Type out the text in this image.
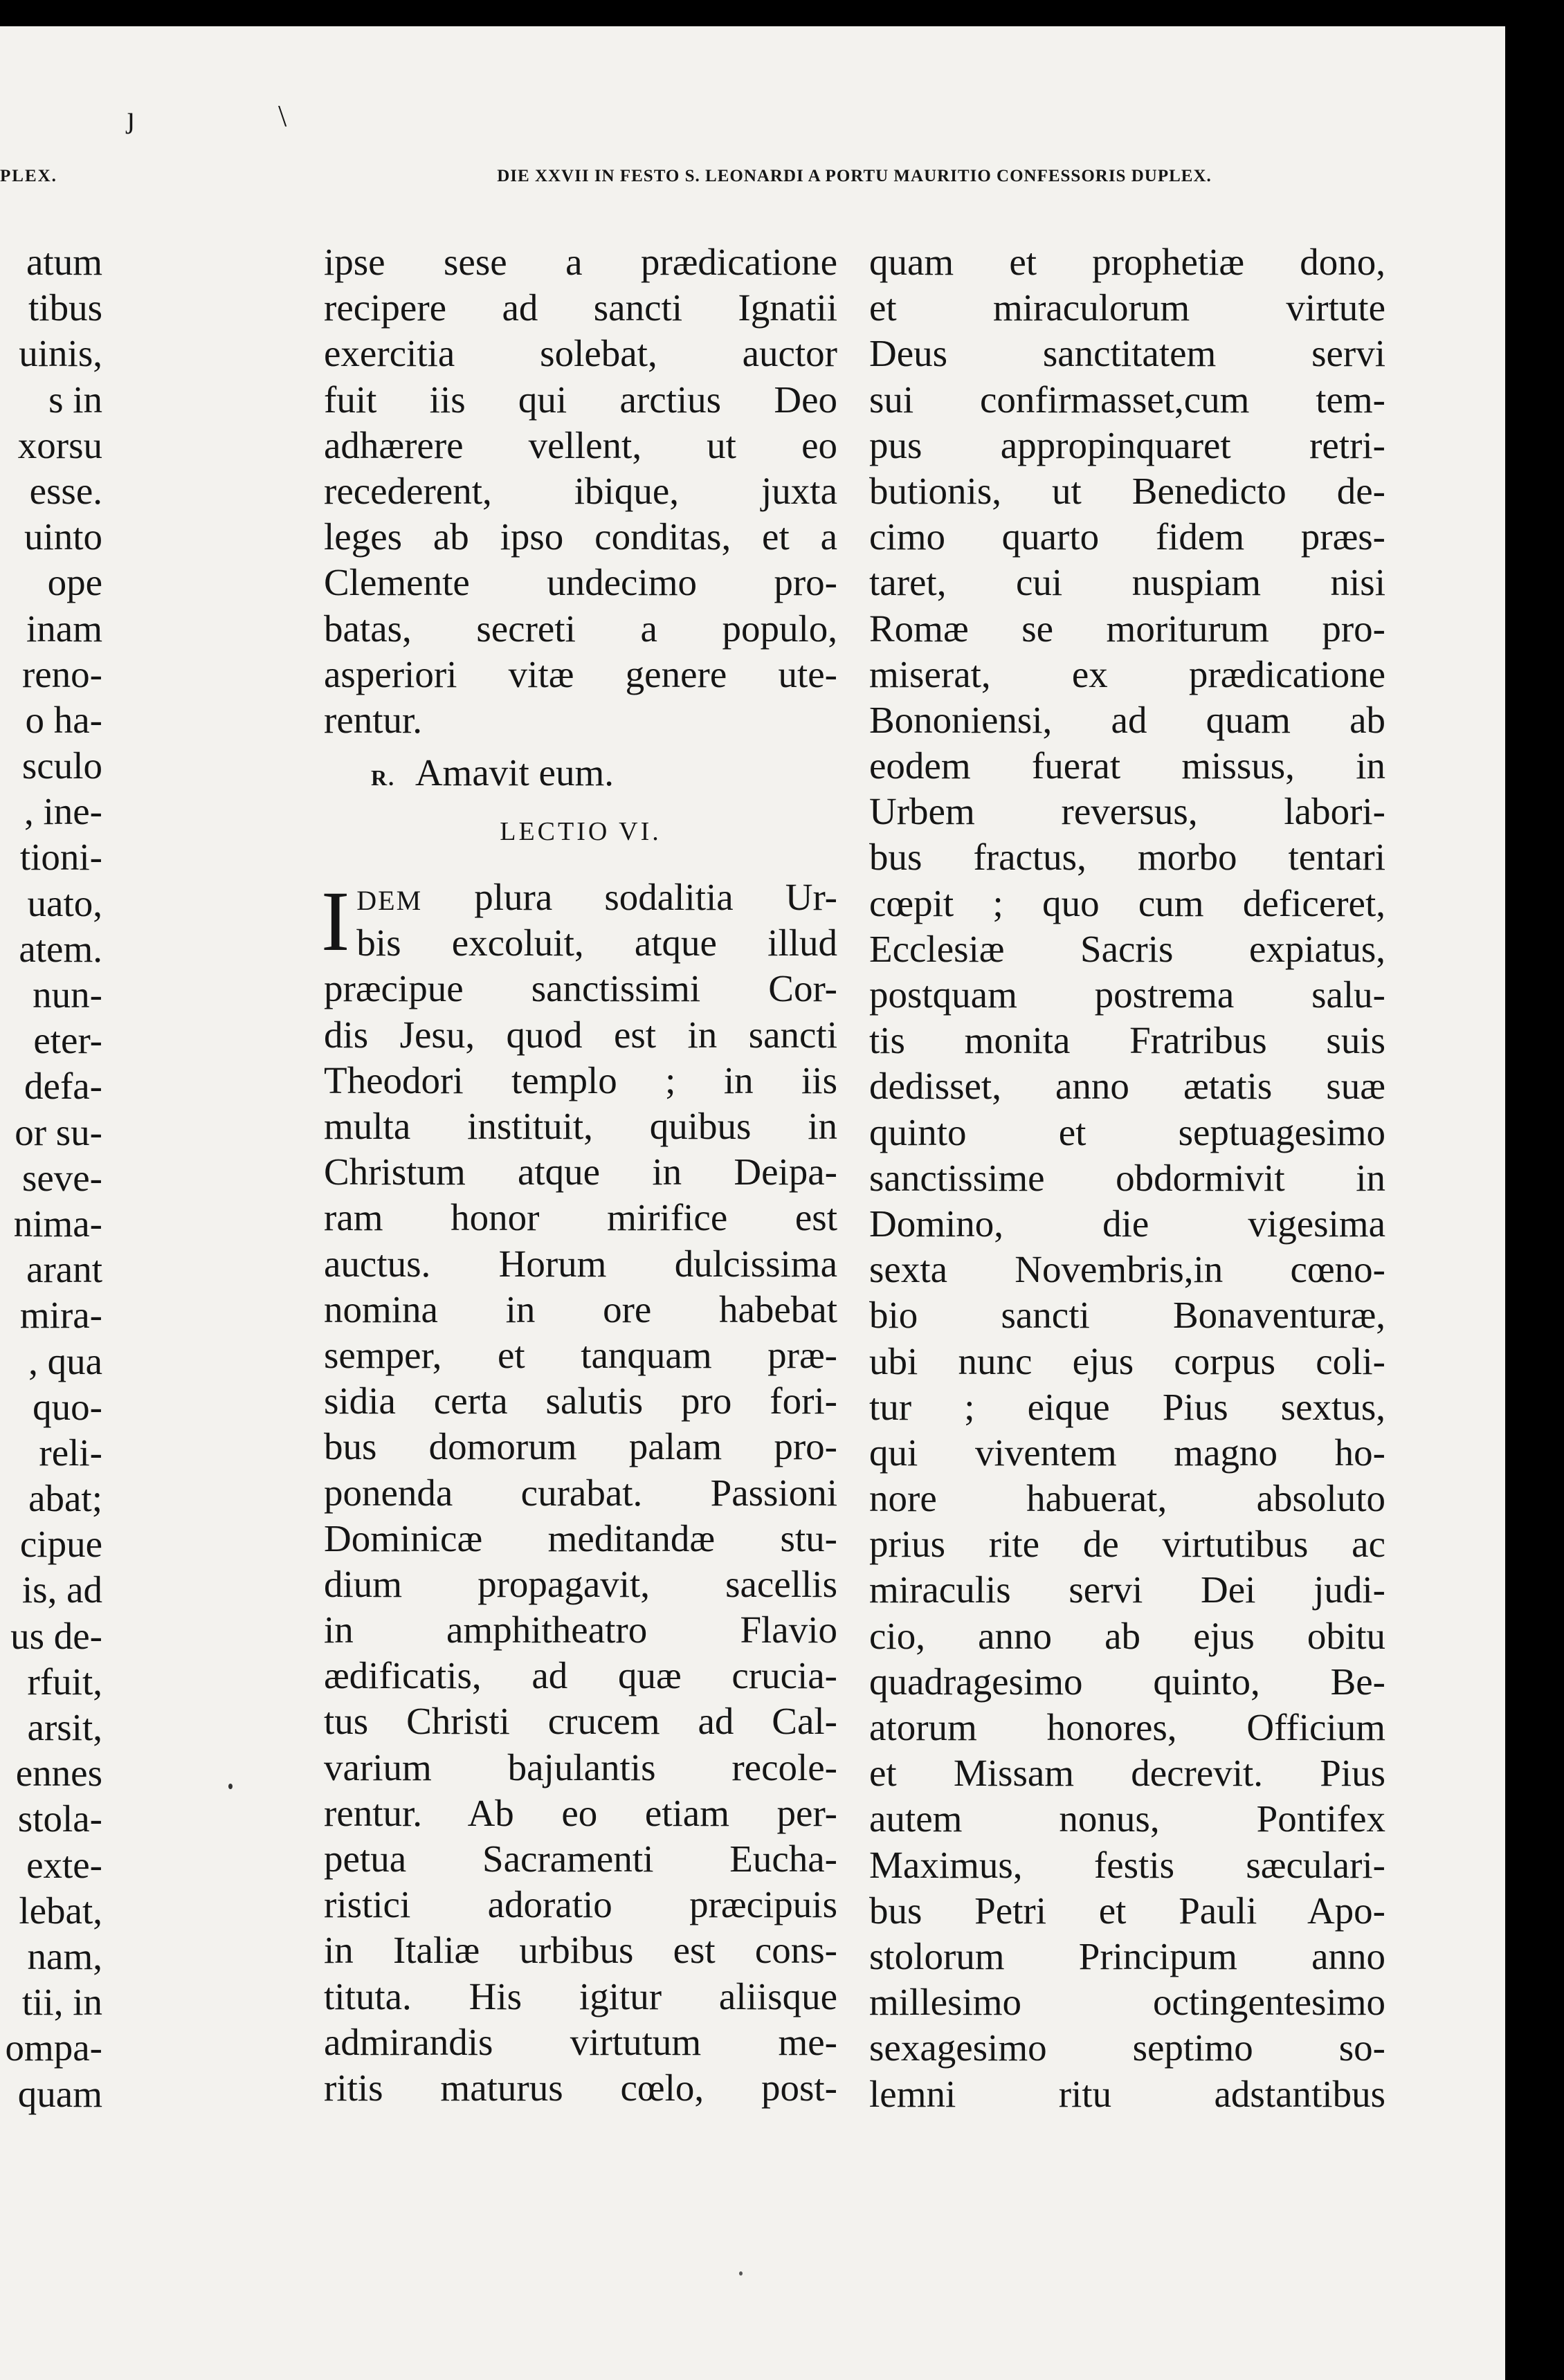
ȷ	\
PLEX.	DIE XXVII IN FESTO S. LEONARDI A PORTU MAURITIO CONFESSORIS DUPLEX.
atum
tibus
uinis,
s in
xorsu
esse.
uinto
ope
inam
reno-
o ha-
sculo
, ine-
tioni-
uato,
atem.
nun-
eter-
defa-
or su-
seve-
nima-
arant
mira-
, qua
quo-
reli-
abat;
cipue
is, ad
us de-
rfuit,
arsit,
ennes
stola-
exte-
lebat,
nam,
tii, in
ompa-
quam
ipse sese a prædicatione
recipere ad sancti Ignatii
exercitia solebat, auctor
fuit iis qui arctius Deo
adhærere vellent, ut eo
recederent, ibique, juxta
leges ab ipso conditas, et a
Clemente undecimo pro-
batas, secreti a populo,
asperiori vitæ genere ute-
rentur.
R. Amavit eum.
LECTIO VI.
I DEM plura sodalitia Ur-
bis excoluit, atque illud
præcipue sanctissimi Cor-
dis Jesu, quod est in sancti
Theodori templo ; in iis
multa instituit, quibus in
Christum atque in Deipa-
ram honor mirifice est
auctus. Horum dulcissima
nomina in ore habebat
semper, et tanquam præ-
sidia certa salutis pro fori-
bus domorum palam pro-
ponenda curabat. Passioni
Dominicæ meditandæ stu-
dium propagavit, sacellis
in amphitheatro Flavio
ædificatis, ad quæ crucia-
tus Christi crucem ad Cal-
varium bajulantis recole-
rentur. Ab eo etiam per-
petua Sacramenti Eucha-
ristici adoratio præcipuis
in Italiæ urbibus est cons-
tituta. His igitur aliisque
admirandis virtutum me-
ritis maturus cœlo, post-
quam et prophetiæ dono,
et miraculorum virtute
Deus sanctitatem servi
sui confirmasset,cum tem-
pus appropinquaret retri-
butionis, ut Benedicto de-
cimo quarto fidem præs-
taret, cui nuspiam nisi
Romæ se moriturum pro-
miserat, ex prædicatione
Bononiensi, ad quam ab
eodem fuerat missus, in
Urbem reversus, labori-
bus fractus, morbo tentari
cœpit ; quo cum deficeret,
Ecclesiæ Sacris expiatus,
postquam postrema salu-
tis monita Fratribus suis
dedisset, anno ætatis suæ
quinto et septuagesimo
sanctissime obdormivit in
Domino, die vigesima
sexta Novembris,in cœno-
bio sancti Bonaventuræ,
ubi nunc ejus corpus coli-
tur ; eique Pius sextus,
qui viventem magno ho-
nore habuerat, absoluto
prius rite de virtutibus ac
miraculis servi Dei judi-
cio, anno ab ejus obitu
quadragesimo quinto, Be-
atorum honores, Officium
et Missam decrevit. Pius
autem nonus, Pontifex
Maximus, festis sæculari-
bus Petri et Pauli Apo-
stolorum Principum anno
millesimo octingentesimo
sexagesimo septimo so-
lemni ritu adstantibus
